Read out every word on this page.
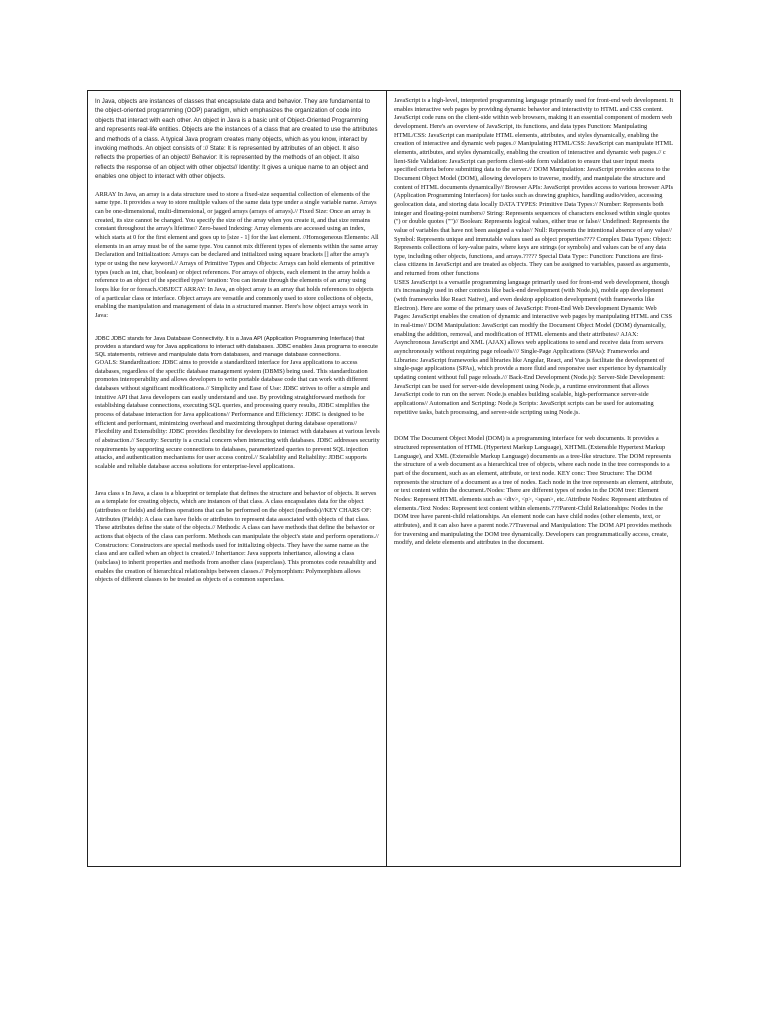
In Java, objects are instances of classes that encapsulate data and behavior. They are fundamental to the object-oriented programming (OOP) paradigm, which emphasizes the organization of code into objects that interact with each other. An object in Java is a basic unit of Object-Oriented Programming and represents real-life entities. Objects are the instances of a class that are created to use the attributes and methods of a class. A typical Java program creates many objects, which as you know, interact by invoking methods. An object consists of :// State: It is represented by attributes of an object. It also reflects the properties of an object// Behavior: It is represented by the methods of an object. It also reflects the response of an object with other objects// Identity: It gives a unique name to an object and enables one object to interact with other objects.

ARRAY In Java, an array is a data structure used to store a fixed-size sequential collection of elements of the same type. It provides a way to store multiple values of the same data type under a single variable name. Arrays can be one-dimensional, multi-dimensional, or jagged arrays (arrays of arrays).// Fixed Size: Once an array is created, its size cannot be changed. You specify the size of the array when you create it, and that size remains constant throughout the array's lifetime// Zero-based Indexing: Array elements are accessed using an index, which starts at 0 for the first element and goes up to [size - 1] for the last element. //Homogeneous Elements: All elements in an array must be of the same type. You cannot mix different types of elements within the same array Declaration and Initialization: Arrays can be declared and initialized using square brackets [] after the array's type or using the new keyword.// Arrays of Primitive Types and Objects: Arrays can hold elements of primitive types (such as int, char, boolean) or object references. For arrays of objects, each element in the array holds a reference to an object of the specified type// teration: You can iterate through the elements of an array using loops like for or foreach./OBJECT ARRAY: In Java, an object array is an array that holds references to objects of a particular class or interface. Object arrays are versatile and commonly used to store collections of objects, enabling the manipulation and management of data in a structured manner. Here's how object arrays work in Java:

JDBC JDBC stands for Java Database Connectivity. It is a Java API (Application Programming Interface) that provides a standard way for Java applications to interact with databases. JDBC enables Java programs to execute SQL statements, retrieve and manipulate data from databases, and manage database connections.

GOALS: Standardization: JDBC aims to provide a standardized interface for Java applications to access databases, regardless of the specific database management system (DBMS) being used. This standardization promotes interoperability and allows developers to write portable database code that can work with different databases without significant modifications.// Simplicity and Ease of Use: JDBC strives to offer a simple and intuitive API that Java developers can easily understand and use. By providing straightforward methods for establishing database connections, executing SQL queries, and processing query results, JDBC simplifies the process of database interaction for Java applications// Performance and Efficiency: JDBC is designed to be efficient and performant, minimizing overhead and maximizing throughput during database operations// Flexibility and Extensibility: JDBC provides flexibility for developers to interact with databases at various levels of abstraction.// Security: Security is a crucial concern when interacting with databases. JDBC addresses security requirements by supporting secure connections to databases, parameterized queries to prevent SQL injection attacks, and authentication mechanisms for user access control.// Scalability and Reliability: JDBC supports scalable and reliable database access solutions for enterprise-level applications.

Java class s In Java, a class is a blueprint or template that defines the structure and behavior of objects. It serves as a template for creating objects, which are instances of that class. A class encapsulates data for the object (attributes or fields) and defines operations that can be performed on the object (methods)//KEY CHARS OF: Attributes (Fields): A class can have fields or attributes to represent data associated with objects of that class. These attributes define the state of the objects.// Methods: A class can have methods that define the behavior or actions that objects of the class can perform. Methods can manipulate the object's state and perform operations.// Constructors: Constructors are special methods used for initializing objects. They have the same name as the class and are called when an object is created.// Inheritance: Java supports inheritance, allowing a class (subclass) to inherit properties and methods from another class (superclass). This promotes code reusability and enables the creation of hierarchical relationships between classes.// Polymorphism: Polymorphism allows objects of different classes to be treated as objects of a common superclass.

JavaScript is a high-level, interpreted programming language primarily used for front-end web development. It enables interactive web pages by providing dynamic behavior and interactivity to HTML and CSS content. JavaScript code runs on the client-side within web browsers, making it an essential component of modern web development. Here's an overview of JavaScript, its functions, and data types Function: Manipulating HTML/CSS: JavaScript can manipulate HTML elements, attributes, and styles dynamically, enabling the creation of interactive and dynamic web pages.// Manipulating HTML/CSS: JavaScript can manipulate HTML elements, attributes, and styles dynamically, enabling the creation of interactive and dynamic web pages.// c lient-Side Validation: JavaScript can perform client-side form validation to ensure that user input meets specified criteria before submitting data to the server.// DOM Manipulation: JavaScript provides access to the Document Object Model (DOM), allowing developers to traverse, modify, and manipulate the structure and content of HTML documents dynamically// Browser APIs: JavaScript provides access to various browser APIs (Application Programming Interfaces) for tasks such as drawing graphics, handling audio/video, accessing geolocation data, and storing data locally DATA TYPES: Primitive Data Types:// Number: Represents both integer and floating-point numbers// String: Represents sequences of characters enclosed within single quotes ('') or double quotes ("")// Boolean: Represents logical values, either true or false// Undefined: Represents the value of variables that have not been assigned a value// Null: Represents the intentional absence of any value// Symbol: Represents unique and immutable values used as object properties???? Complex Data Types: Object: Represents collections of key-value pairs, where keys are strings (or symbols) and values can be of any data type, including other objects, functions, and arrays.????? Special Data Type:: Function: Functions are first-class citizens in JavaScript and are treated as objects. They can be assigned to variables, passed as arguments, and returned from other functions

USES JavaScript is a versatile programming language primarily used for front-end web development, though it's increasingly used in other contexts like back-end development (with Node.js), mobile app development (with frameworks like React Native), and even desktop application development (with frameworks like Electron). Here are some of the primary uses of JavaScript: Front-End Web Development Dynamic Web Pages: JavaScript enables the creation of dynamic and interactive web pages by manipulating HTML and CSS in real-time// DOM Manipulation: JavaScript can modify the Document Object Model (DOM) dynamically, enabling the addition, removal, and modification of HTML elements and their attributes// AJAX: Asynchronous JavaScript and XML (AJAX) allows web applications to send and receive data from servers asynchronously without requiring page reloads//// Single-Page Applications (SPAs): Frameworks and Libraries: JavaScript frameworks and libraries like Angular, React, and Vue.js facilitate the development of single-page applications (SPAs), which provide a more fluid and responsive user experience by dynamically updating content without full page reloads./// Back-End Development (Node.js): Server-Side Development: JavaScript can be used for server-side development using Node.js, a runtime environment that allows JavaScript code to run on the server. Node.js enables building scalable, high-performance server-side applications// Automation and Scripting: Node.js Scripts: JavaScript scripts can be used for automating repetitive tasks, batch processing, and server-side scripting using Node.js.

DOM The Document Object Model (DOM) is a programming interface for web documents. It provides a structured representation of HTML (Hypertext Markup Language), XHTML (Extensible Hypertext Markup Language), and XML (Extensible Markup Language) documents as a tree-like structure. The DOM represents the structure of a web document as a hierarchical tree of objects, where each node in the tree corresponds to a part of the document, such as an element, attribute, or text node. KEY conc: Tree Structure: The DOM represents the structure of a document as a tree of nodes. Each node in the tree represents an element, attribute, or text content within the document./Nodes: There are different types of nodes in the DOM tree: Element Nodes: Represent HTML elements such as <div>, <p>, <span>, etc./Attribute Nodes: Represent attributes of elements./Text Nodes: Represent text content within elements.???Parent-Child Relationships: Nodes in the DOM tree have parent-child relationships. An element node can have child nodes (other elements, text, or attributes), and it can also have a parent node.??Traversal and Manipulation: The DOM API provides methods for traversing and manipulating the DOM tree dynamically. Developers can programmatically access, create, modify, and delete elements and attributes in the document.
